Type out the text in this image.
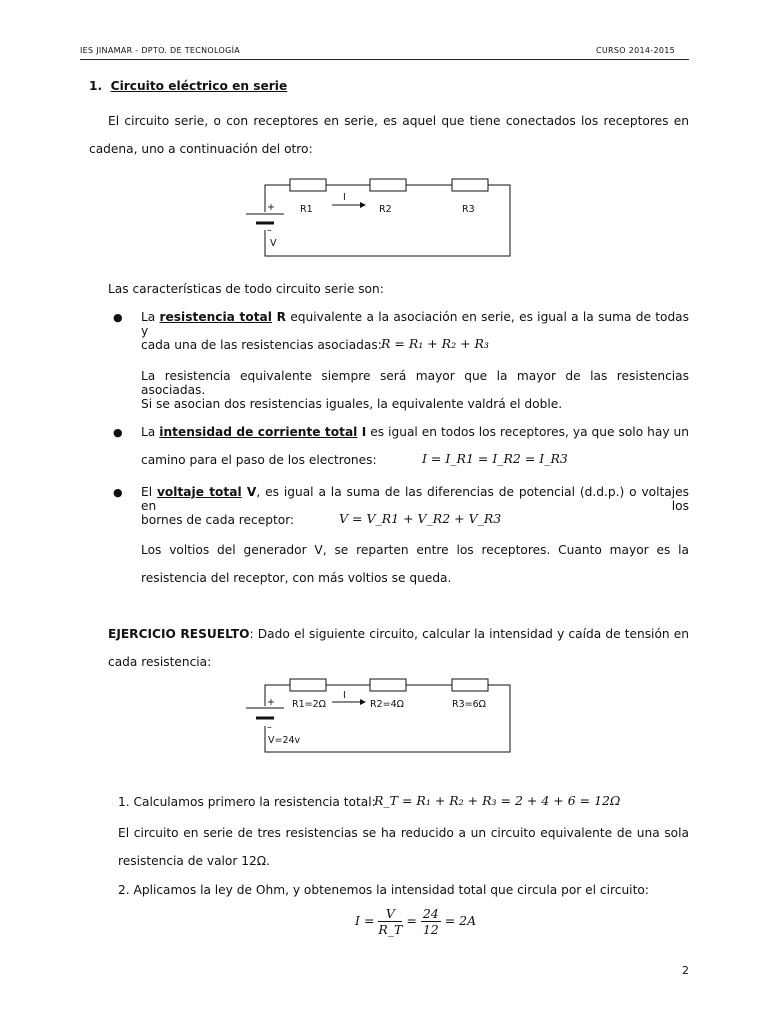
IES JINAMAR - DPTO. DE TECNOLOGÍA	CURSO 2014-2015
1. Circuito eléctrico en serie
El circuito serie, o con receptores en serie, es aquel que tiene conectados los receptores en
cadena, uno a continuación del otro:
+
–
V
R1	R2	R3
I
Las características de todo circuito serie son:
● La resistencia total R equivalente a la asociación en serie, es igual a la suma de todas y
cada una de las resistencias asociadas: R = R₁ + R₂ + R₃
La resistencia equivalente siempre será mayor que la mayor de las resistencias asociadas.
Si se asocian dos resistencias iguales, la equivalente valdrá el doble.
● La intensidad de corriente total I es igual en todos los receptores, ya que solo hay un
camino para el paso de los electrones:	I = I_R1 = I_R2 = I_R3
● El voltaje total V, es igual a la suma de las diferencias de potencial (d.d.p.) o voltajes en los
bornes de cada receptor:	V = V_R1 + V_R2 + V_R3
Los voltios del generador V, se reparten entre los receptores. Cuanto mayor es la
resistencia del receptor, con más voltios se queda.
EJERCICIO RESUELTO: Dado el siguiente circuito, calcular la intensidad y caída de tensión en
cada resistencia:
+
–
V=24v
R1=2Ω	R2=4Ω	R3=6Ω
I
1. Calculamos primero la resistencia total:
R_T = R₁ + R₂ + R₃ = 2 + 4 + 6 = 12Ω
El circuito en serie de tres resistencias se ha reducido a un circuito equivalente de una sola
resistencia de valor 12Ω.
2. Aplicamos la ley de Ohm, y obtenemos la intensidad total que circula por el circuito:
$I = \frac{V}{R\_T} = \frac{24}{12} = 2A$
2
